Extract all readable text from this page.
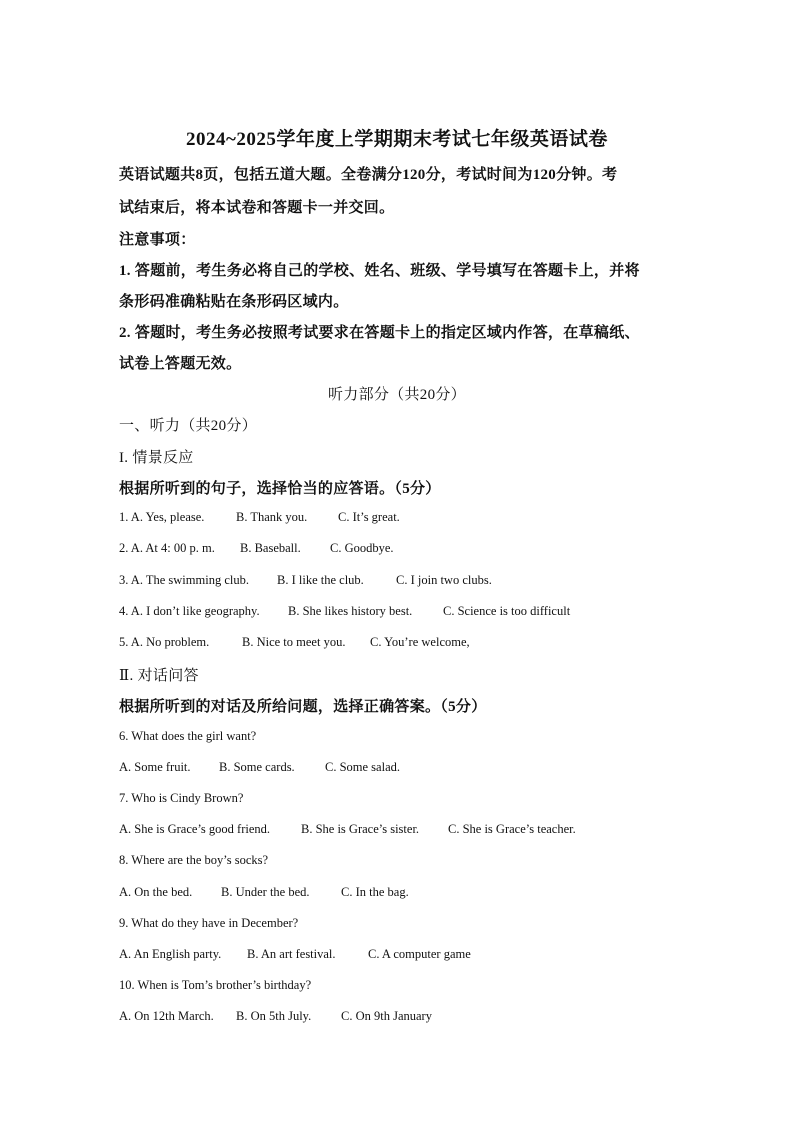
2024~2025学年度上学期期末考试七年级英语试卷
英语试题共8页，包括五道大题。全卷满分120分，考试时间为120分钟。考
试结束后，将本试卷和答题卡一并交回。
注意事项：
1. 答题前，考生务必将自己的学校、姓名、班级、学号填写在答题卡上，并将
条形码准确粘贴在条形码区域内。
2. 答题时，考生务必按照考试要求在答题卡上的指定区域内作答，在草稿纸、
试卷上答题无效。
听力部分（共20分）
一、听力（共20分）
I. 情景反应
根据所听到的句子，选择恰当的应答语。（5分）
1. A. Yes, please.	B. Thank you. C. It’s great.
2. A. At 4: 00 p. m. B. Baseball. C. Goodbye.
3. A. The swimming club. B. I like the club.	C. I join two clubs.
4. A. I don’t like geography. B. She likes history best. C. Science is too difficult
5. A. No problem.	B. Nice to meet you. C. You’re welcome,
Ⅱ. 对话问答
根据所听到的对话及所给问题，选择正确答案。（5分）
6. What does the girl want?
A. Some fruit. B. Some cards. C. Some salad.
7. Who is Cindy Brown?
A. She is Grace’s good friend. B. She is Grace’s sister. C. She is Grace’s teacher.
8. Where are the boy’s socks?
A. On the bed. B. Under the bed.	C. In the bag.
9. What do they have in December?
A. An English party. B. An art festival.	C. A computer game
10. When is Tom’s brother’s birthday?
A. On 12th March. B. On 5th July. C. On 9th January
